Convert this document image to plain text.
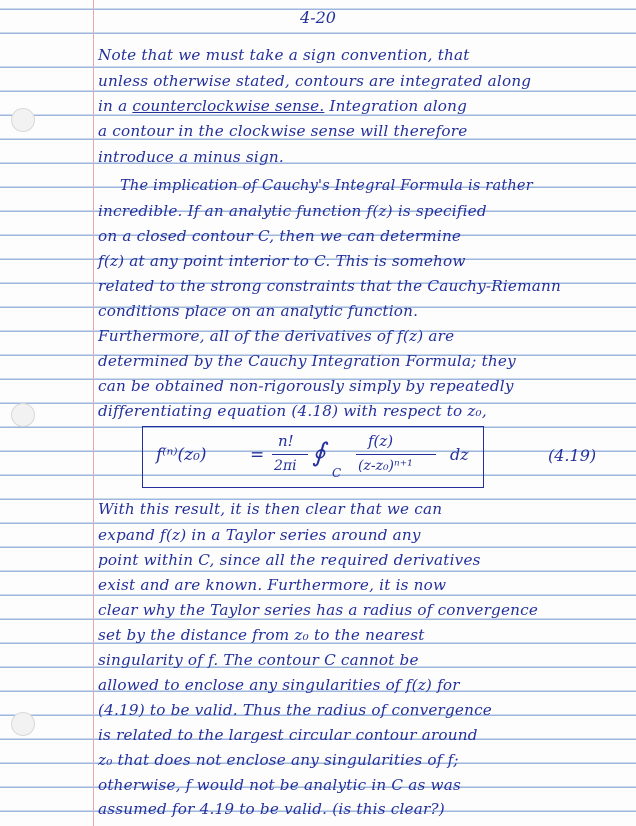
4-20
Note that we must take a sign convention, that
unless otherwise stated, contours are integrated along
in a counterclockwise sense. Integration along
a contour in the clockwise sense will therefore
introduce a minus sign.
The implication of Cauchy's Integral Formula is rather
incredible. If an analytic function f(z) is specified
on a closed contour C, then we can determine
f(z) at any point interior to C. This is somehow
related to the strong constraints that the Cauchy-Riemann
conditions place on an analytic function.
Furthermore, all of the derivatives of f(z) are
determined by the Cauchy Integration Formula; they
can be obtained non-rigorously simply by repeatedly
differentiating equation (4.18) with respect to z₀,
f⁽ⁿ⁾(z₀)	=
n!
2πi ∮
C
f(z)
(z-z₀)ⁿ⁺¹
dz	(4.19)
With this result, it is then clear that we can
expand f(z) in a Taylor series around any
point within C, since all the required derivatives
exist and are known. Furthermore, it is now
clear why the Taylor series has a radius of convergence
set by the distance from z₀ to the nearest
singularity of f. The contour C cannot be
allowed to enclose any singularities of f(z) for
(4.19) to be valid. Thus the radius of convergence
is related to the largest circular contour around
z₀ that does not enclose any singularities of f;
otherwise, f would not be analytic in C as was
assumed for 4.19 to be valid. (is this clear?)
